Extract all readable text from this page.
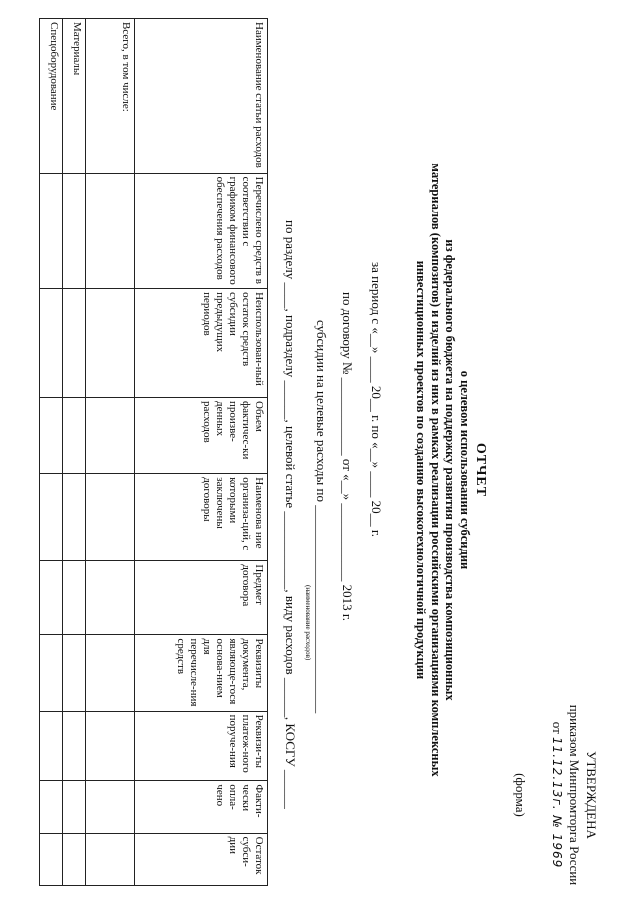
УТВЕРЖДЕНА
приказом Минпромторга России
от 11.12.13г. № 1969
(форма)
ОТЧЕТ
о целевом использовании субсидии
из федерального бюджета на поддержку развития производства композиционных
материалов (композитов) и изделий из них в рамках реализации российскими организациями комплексных
инвестиционных проектов по созданию высокотехнологичной продукции
за период с «__» ____ 20__ г. по «__» ____ 20__ г.
по договору № ____________ от «__» ____________ 2013 г.
субсидии на целевые расходы по ________________________________
(наименование расходов)
по разделу ____, подразделу ______, целевой статье ____________, виду расходов ______, КОСГУ ______
Наименование статьи расходов	Перечислено средств в соответствии с графиком финансового обеспечения расходов	Неиспользован-ный остаток средств субсидии предыдущих периодов	Объем фактичес-ки произве-денных расходов	Наименова ние организа-ций, с которыми заключены договоры	Предмет договора	Реквизиты документа, являюще-гося основа-нием для перечисле-ния средств	Реквизи-ты платеж-ного поруче-ния	Факти-чески опла-чено	Остаток субси-дии
Всего, в том числе:									
Материалы									
Спецоборудование									
